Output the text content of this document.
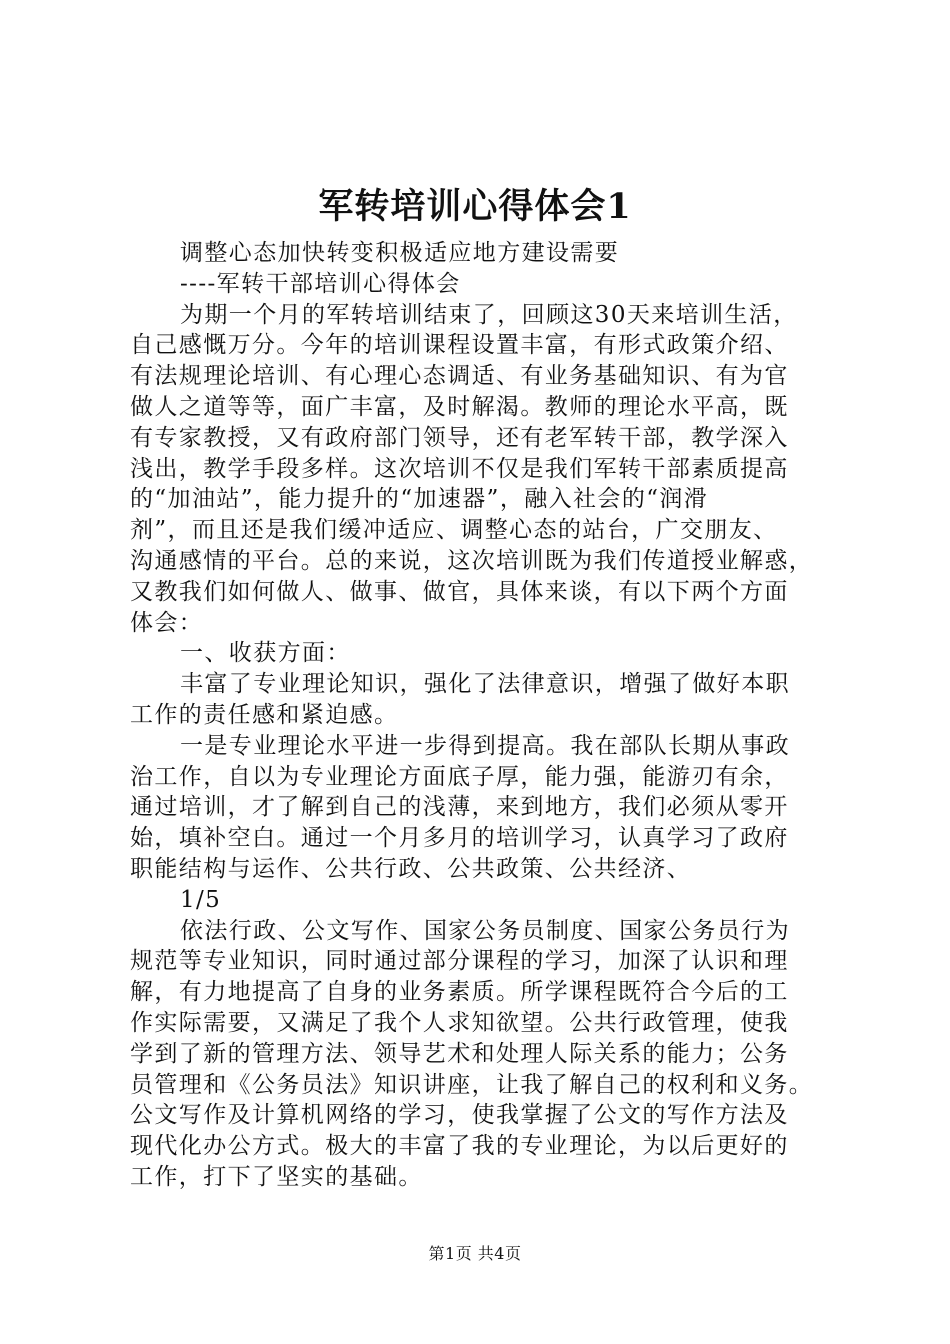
军转培训心得体会1
调整心态加快转变积极适应地方建设需要
----军转干部培训心得体会
为期一个月的军转培训结束了，回顾这30天来培训生活，
自己感慨万分。今年的培训课程设置丰富，有形式政策介绍、
有法规理论培训、有心理心态调适、有业务基础知识、有为官
做人之道等等，面广丰富，及时解渴。教师的理论水平高，既
有专家教授，又有政府部门领导，还有老军转干部，教学深入
浅出，教学手段多样。这次培训不仅是我们军转干部素质提高
的“加油站”，能力提升的“加速器”，融入社会的“润滑
剂”，而且还是我们缓冲适应、调整心态的站台，广交朋友、
沟通感情的平台。总的来说，这次培训既为我们传道授业解惑，
又教我们如何做人、做事、做官，具体来谈，有以下两个方面
体会：
一、收获方面：
丰富了专业理论知识，强化了法律意识，增强了做好本职
工作的责任感和紧迫感。
一是专业理论水平进一步得到提高。我在部队长期从事政
治工作，自以为专业理论方面底子厚，能力强，能游刃有余，
通过培训，才了解到自己的浅薄，来到地方，我们必须从零开
始，填补空白。通过一个月多月的培训学习，认真学习了政府
职能结构与运作、公共行政、公共政策、公共经济、
1/5
依法行政、公文写作、国家公务员制度、国家公务员行为
规范等专业知识，同时通过部分课程的学习，加深了认识和理
解，有力地提高了自身的业务素质。所学课程既符合今后的工
作实际需要，又满足了我个人求知欲望。公共行政管理，使我
学到了新的管理方法、领导艺术和处理人际关系的能力；公务
员管理和《公务员法》知识讲座，让我了解自己的权利和义务。
公文写作及计算机网络的学习，使我掌握了公文的写作方法及
现代化办公方式。极大的丰富了我的专业理论，为以后更好的
工作，打下了坚实的基础。
第1页 共4页
